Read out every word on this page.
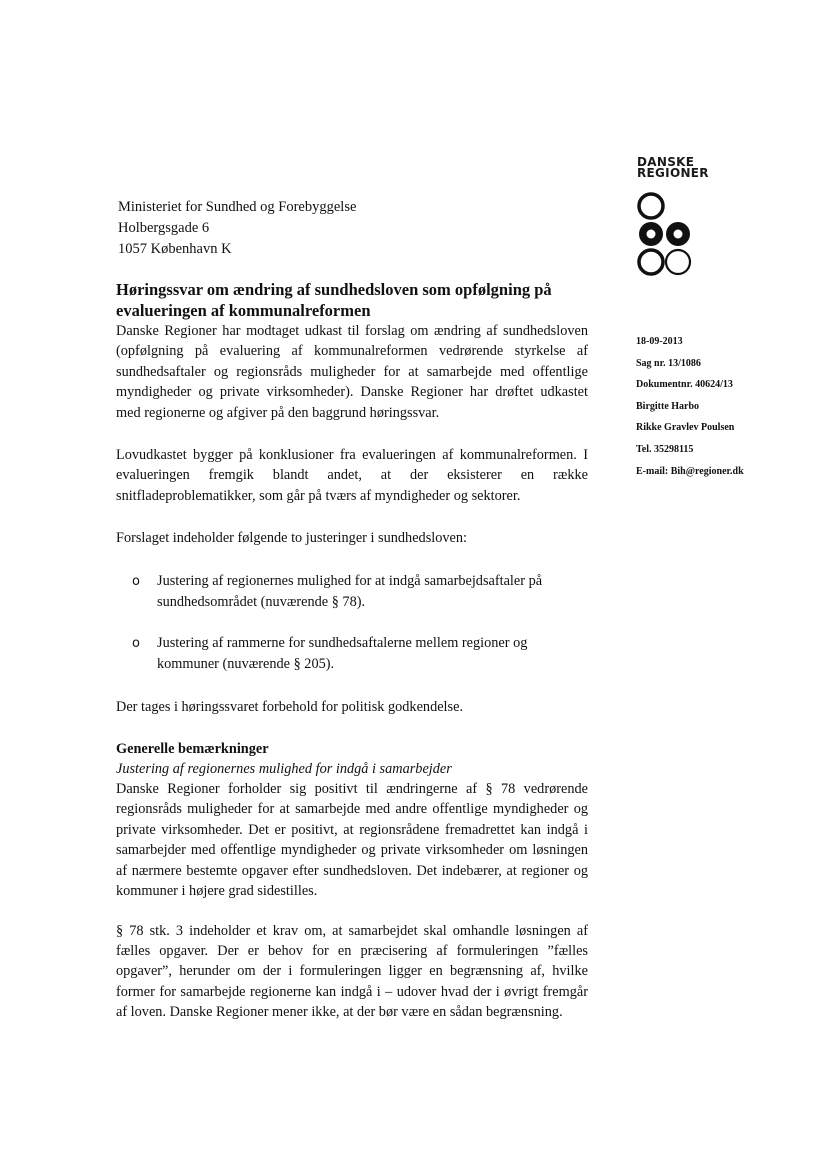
DANSKE
REGIONER
Ministeriet for Sundhed og Forebyggelse
Holbergsgade 6
1057 København K
18-09-2013
Sag nr. 13/1086
Dokumentnr. 40624/13
Birgitte Harbo
Rikke Gravlev Poulsen
Tel. 35298115
E-mail: Bih@regioner.dk
Høringssvar om ændring af sundhedsloven som opfølgning på evalueringen af kommunalreformen

Danske Regioner har modtaget udkast til forslag om ændring af sundhedsloven (opfølgning på evaluering af kommunalreformen vedrørende styrkelse af sundhedsaftaler og regionsråds muligheder for at samarbejde med offentlige myndigheder og private virksomheder). Danske Regioner har drøftet udkastet med regionerne og afgiver på den baggrund høringssvar.

Lovudkastet bygger på konklusioner fra evalueringen af kommunalreformen. I evalueringen fremgik blandt andet, at der eksisterer en række snitfladeproblematikker, som går på tværs af myndigheder og sektorer.

Forslaget indeholder følgende to justeringer i sundhedsloven:

o Justering af regionernes mulighed for at indgå samarbejdsaftaler på sundhedsområdet (nuværende § 78).
o Justering af rammerne for sundhedsaftalerne mellem regioner og kommuner (nuværende § 205).

Der tages i høringssvaret forbehold for politisk godkendelse.

Generelle bemærkninger

Justering af regionernes mulighed for indgå i samarbejder

Danske Regioner forholder sig positivt til ændringerne af § 78 vedrørende regionsråds muligheder for at samarbejde med andre offentlige myndigheder og private virksomheder. Det er positivt, at regionsrådene fremadrettet kan indgå i samarbejder med offentlige myndigheder og private virksomheder om løsningen af nærmere bestemte opgaver efter sundhedsloven. Det indebærer, at regioner og kommuner i højere grad sidestilles.

§ 78 stk. 3 indeholder et krav om, at samarbejdet skal omhandle løsningen af fælles opgaver. Der er behov for en præcisering af formuleringen ”fælles opgaver”, herunder om der i formuleringen ligger en begrænsning af, hvilke former for samarbejde regionerne kan indgå i – udover hvad der i øvrigt fremgår af loven. Danske Regioner mener ikke, at der bør være en sådan begrænsning.
